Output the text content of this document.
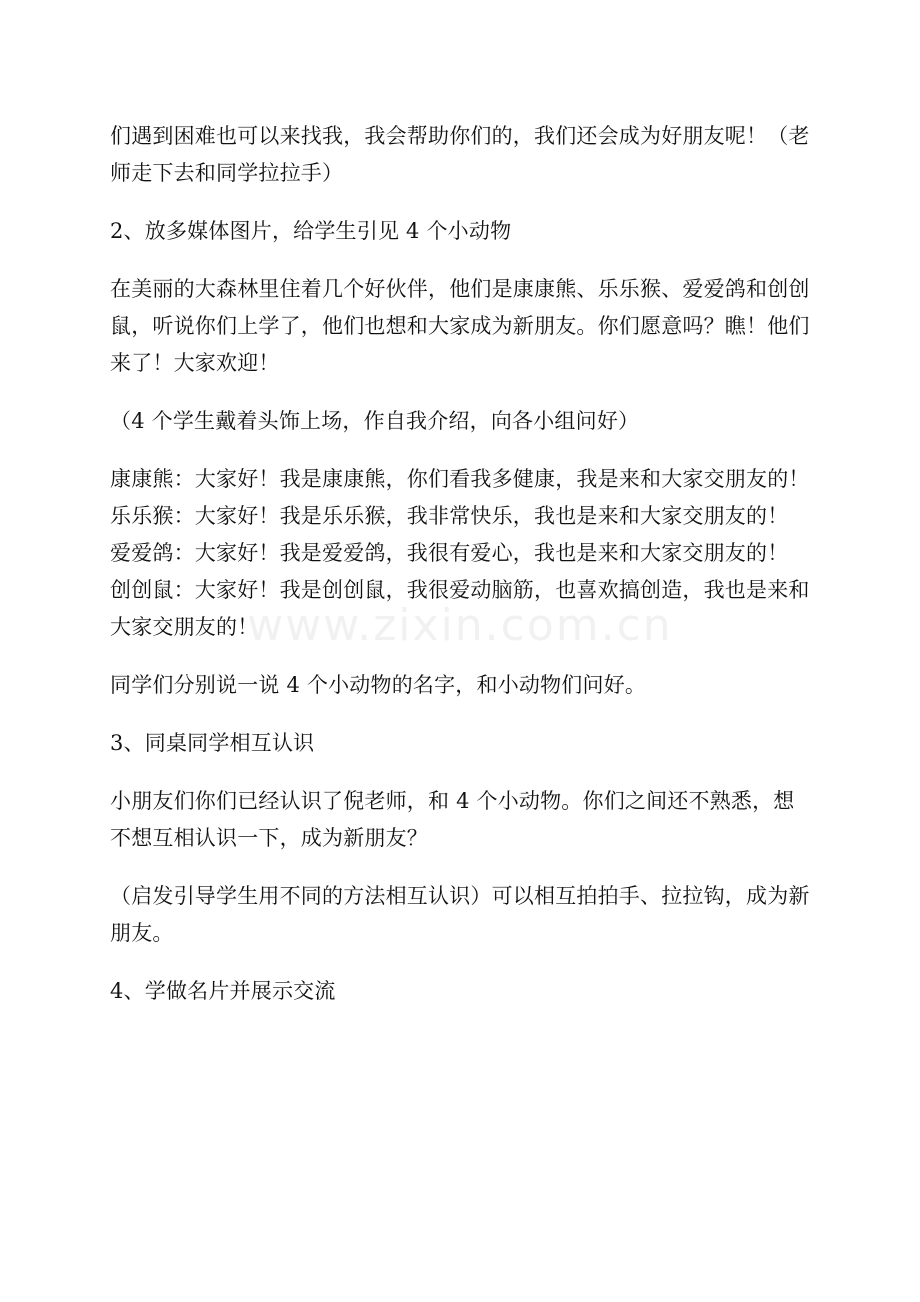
们遇到困难也可以来找我，我会帮助你们的，我们还会成为好朋友呢！（老师走下去和同学拉拉手）

2、放多媒体图片，给学生引见 4 个小动物

在美丽的大森林里住着几个好伙伴，他们是康康熊、乐乐猴、爱爱鸽和创创鼠，听说你们上学了，他们也想和大家成为新朋友。你们愿意吗？瞧！他们来了！大家欢迎！

（4 个学生戴着头饰上场，作自我介绍，向各小组问好）

康康熊：大家好！我是康康熊，你们看我多健康，我是来和大家交朋友的！

乐乐猴：大家好！我是乐乐猴，我非常快乐，我也是来和大家交朋友的！

爱爱鸽：大家好！我是爱爱鸽，我很有爱心，我也是来和大家交朋友的！

创创鼠：大家好！我是创创鼠，我很爱动脑筋，也喜欢搞创造，我也是来和大家交朋友的！

同学们分别说一说 4 个小动物的名字，和小动物们问好。

3、同桌同学相互认识

小朋友们你们已经认识了倪老师，和 4 个小动物。你们之间还不熟悉，想不想互相认识一下，成为新朋友？

（启发引导学生用不同的方法相互认识）可以相互拍拍手、拉拉钩，成为新朋友。

4、学做名片并展示交流

www.zixin.com.cn
